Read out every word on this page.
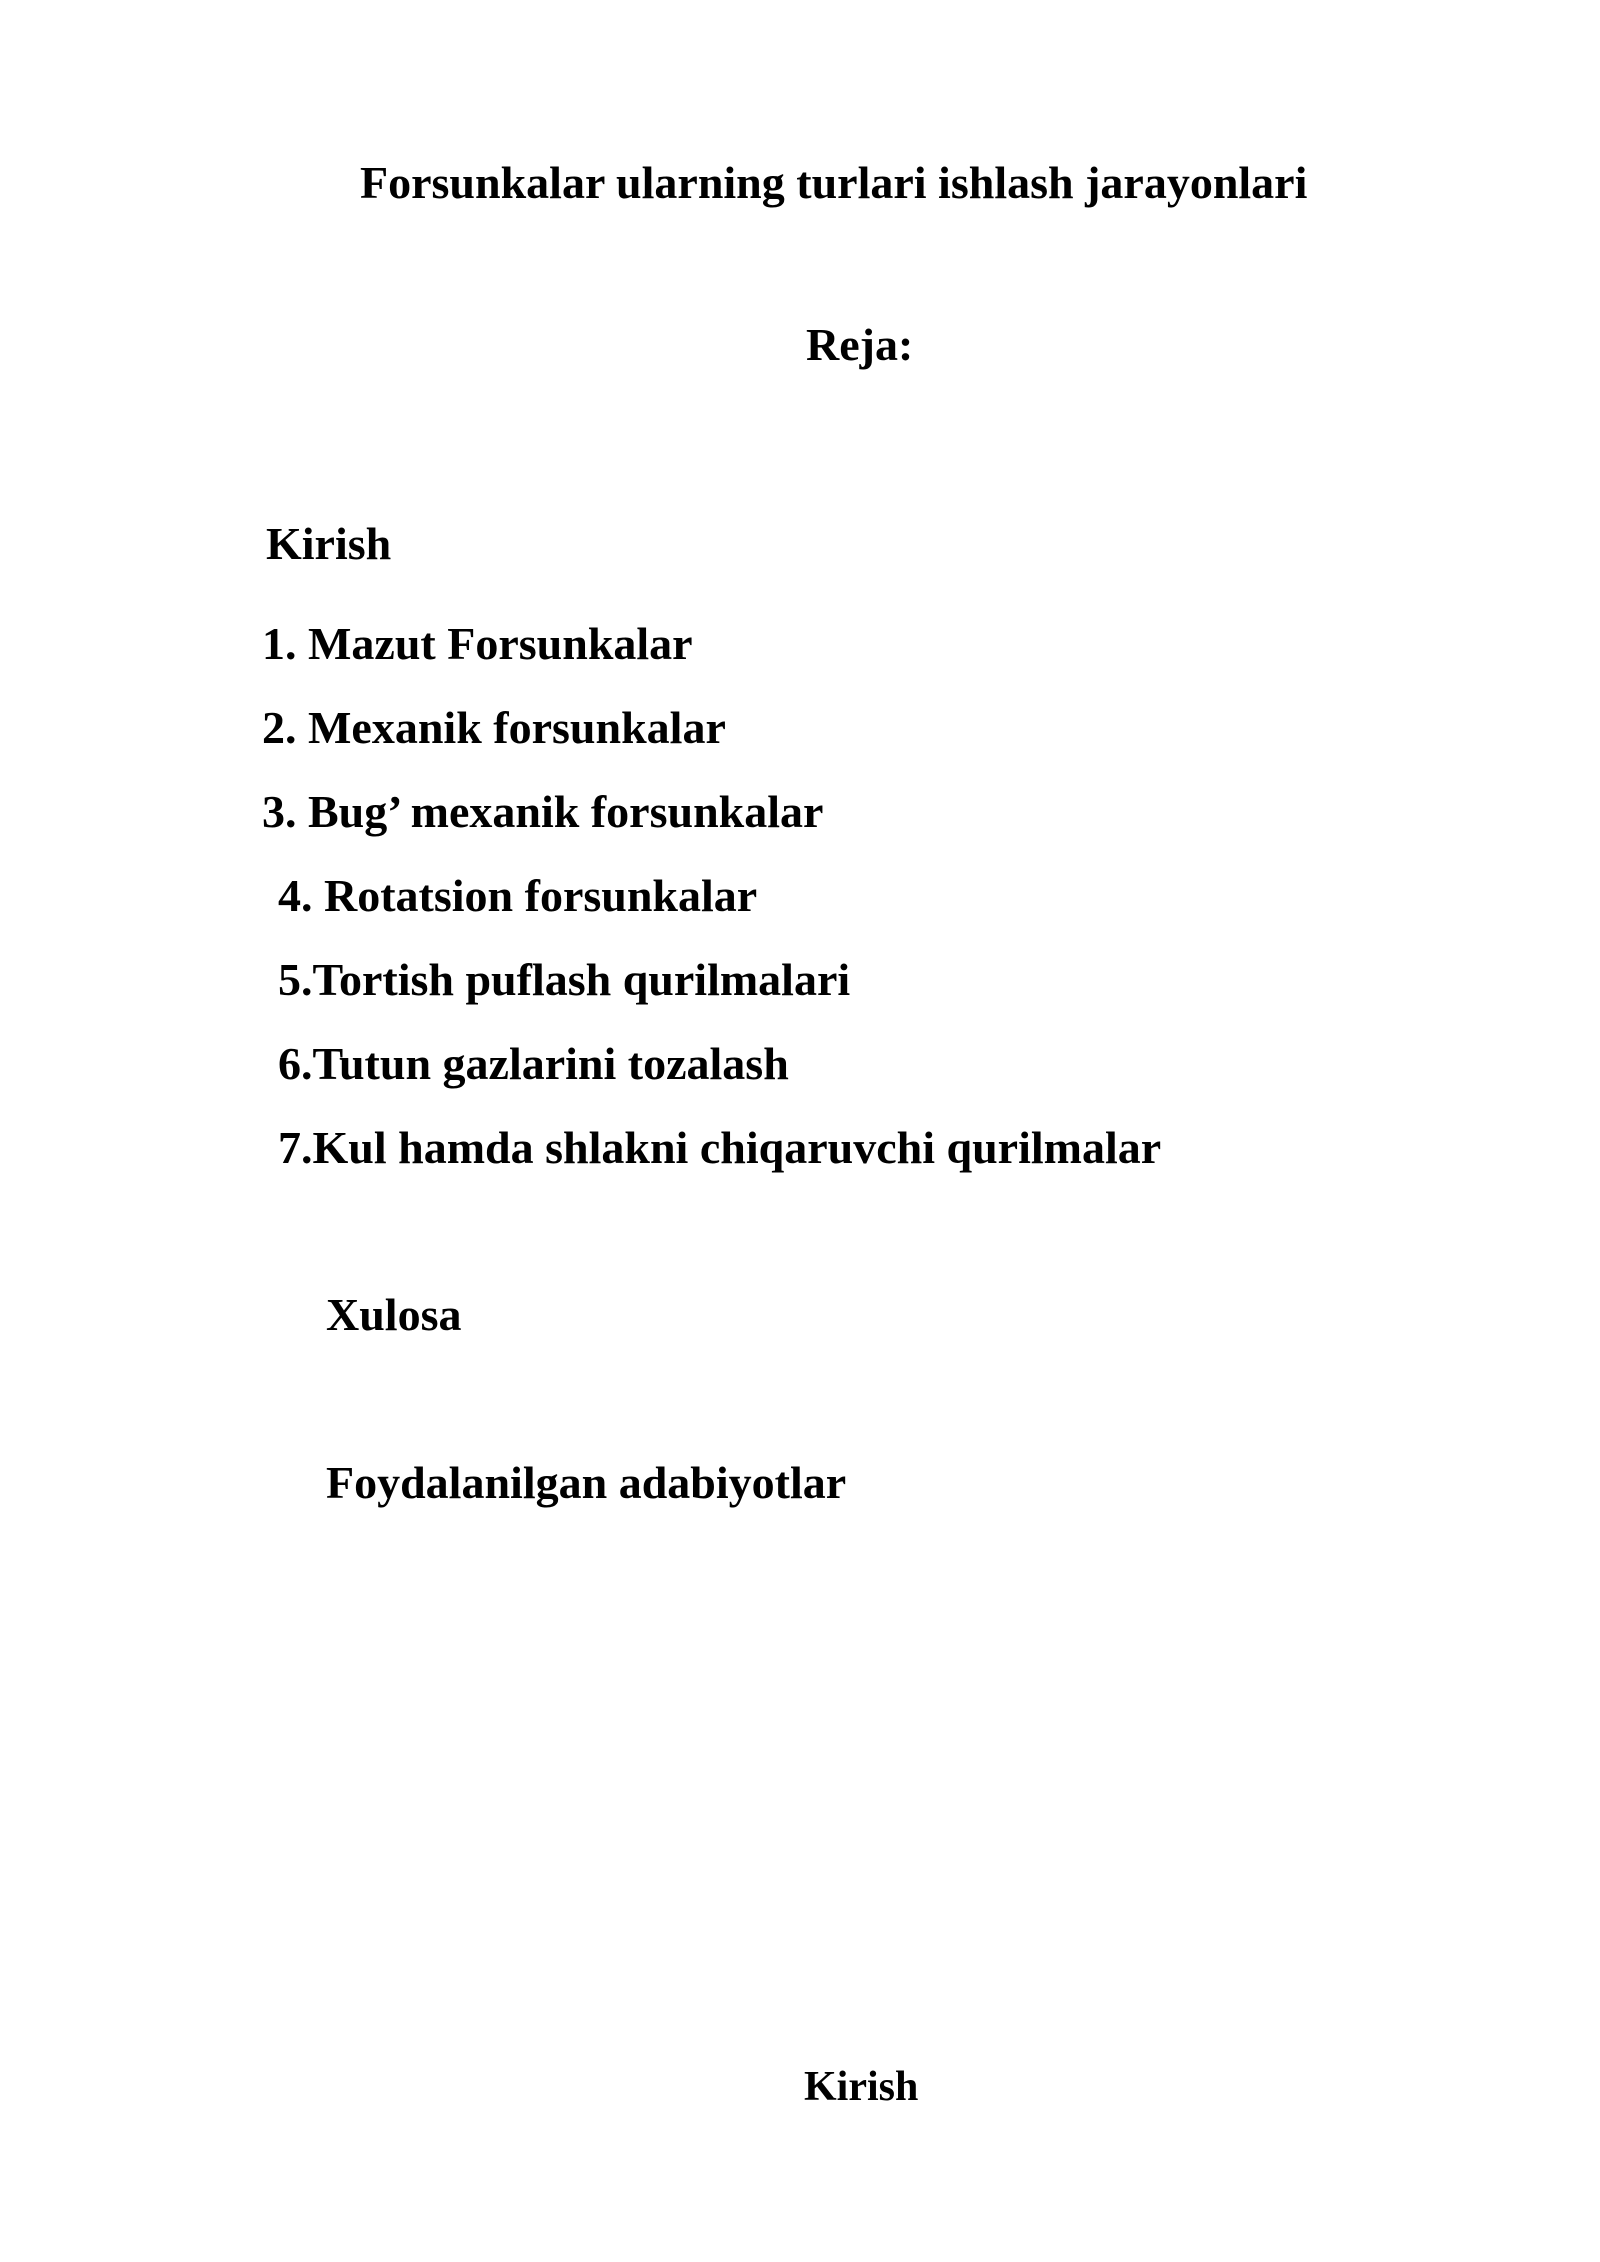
Forsunkalar ularning turlari ishlash jarayonlari
Reja:
Kirish
1. Mazut Forsunkalar
2. Mexanik forsunkalar
3. Bug’ mexanik forsunkalar
4. Rotatsion forsunkalar
5.Tortish puflash qurilmalari
6.Tutun gazlarini tozalash
7.Kul hamda shlakni chiqaruvchi qurilmalar
Xulosa
Foydalanilgan adabiyotlar
Kirish
